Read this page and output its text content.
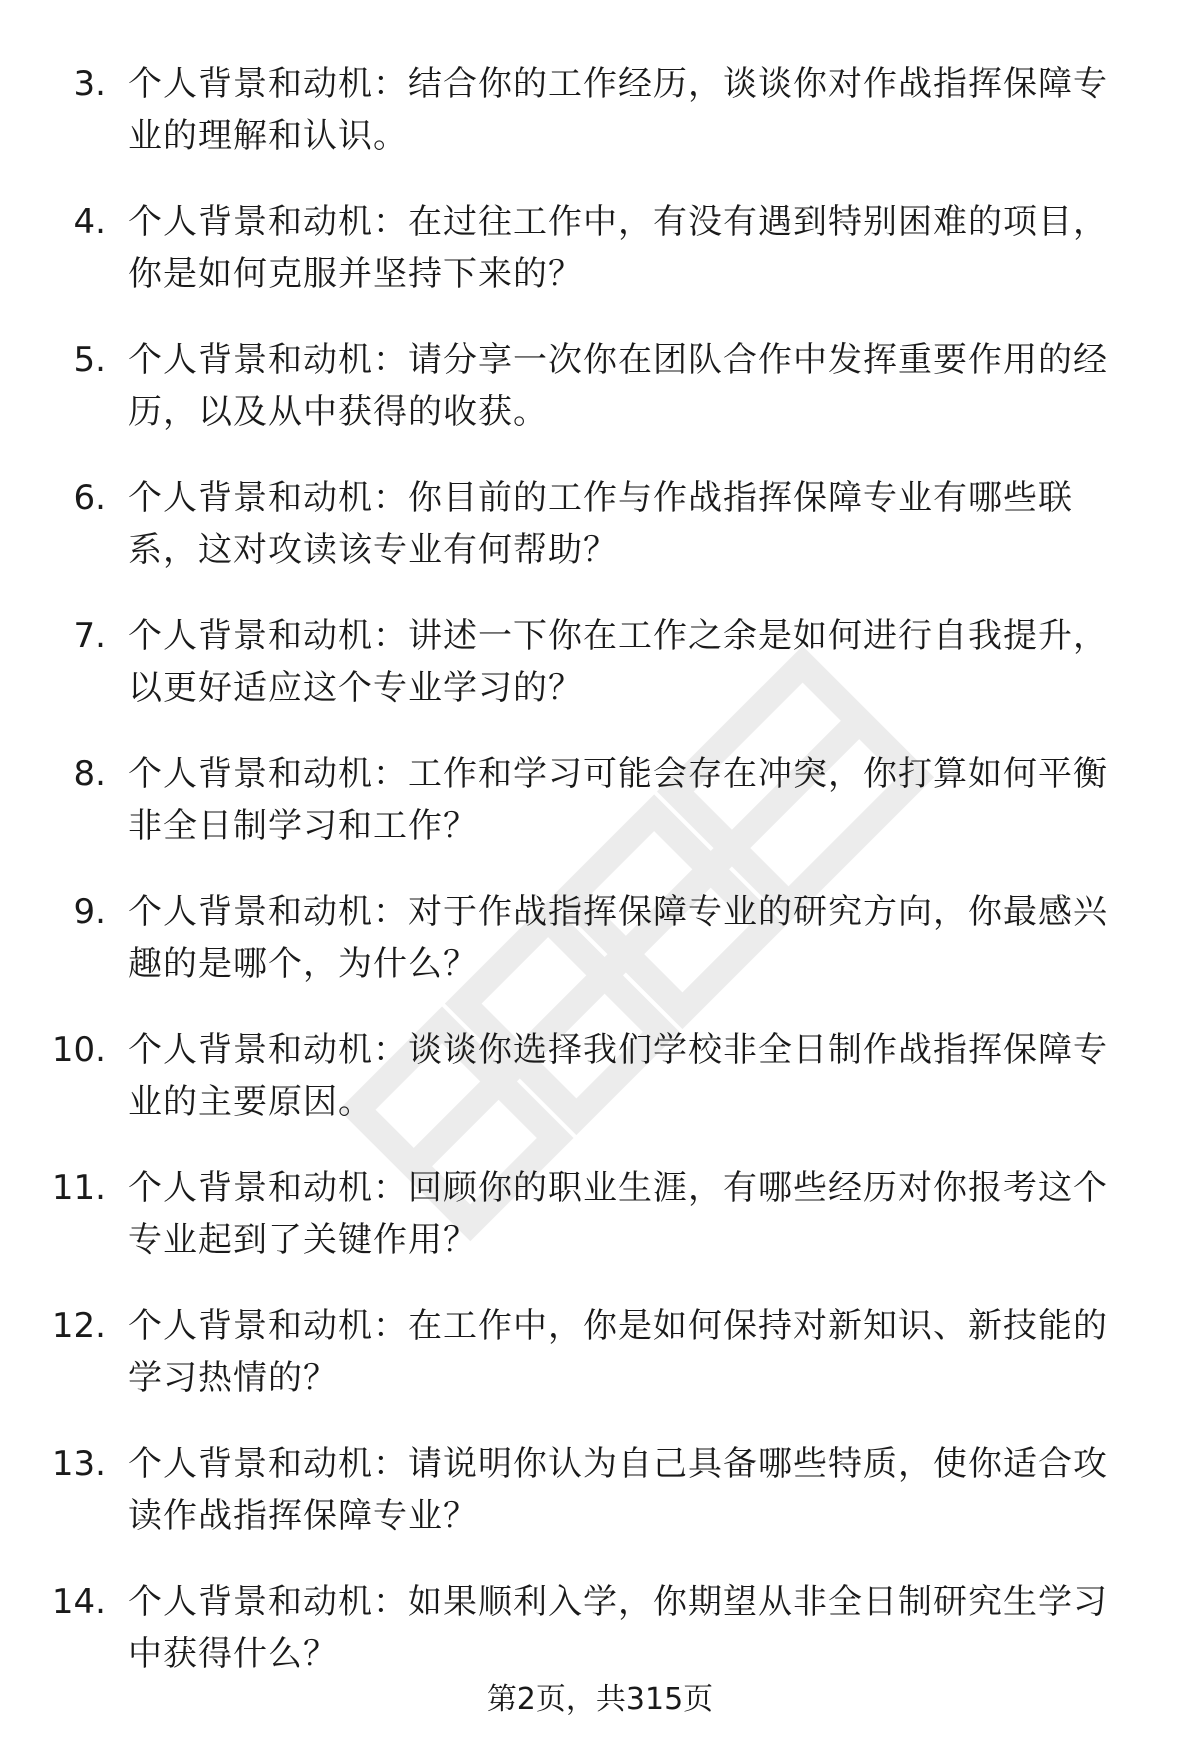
3. 个人背景和动机：结合你的工作经历，谈谈你对作战指挥保障专业的理解和认识。
4. 个人背景和动机：在过往工作中，有没有遇到特别困难的项目，你是如何克服并坚持下来的？
5. 个人背景和动机：请分享一次你在团队合作中发挥重要作用的经历，以及从中获得的收获。
6. 个人背景和动机：你目前的工作与作战指挥保障专业有哪些联系，这对攻读该专业有何帮助？
7. 个人背景和动机：讲述一下你在工作之余是如何进行自我提升，以更好适应这个专业学习的？
8. 个人背景和动机：工作和学习可能会存在冲突，你打算如何平衡非全日制学习和工作？
9. 个人背景和动机：对于作战指挥保障专业的研究方向，你最感兴趣的是哪个，为什么？
10. 个人背景和动机：谈谈你选择我们学校非全日制作战指挥保障专业的主要原因。
11. 个人背景和动机：回顾你的职业生涯，有哪些经历对你报考这个专业起到了关键作用？
12. 个人背景和动机：在工作中，你是如何保持对新知识、新技能的学习热情的？
13. 个人背景和动机：请说明你认为自己具备哪些特质，使你适合攻读作战指挥保障专业？
14. 个人背景和动机：如果顺利入学，你期望从非全日制研究生学习中获得什么？
第2页，共315页
